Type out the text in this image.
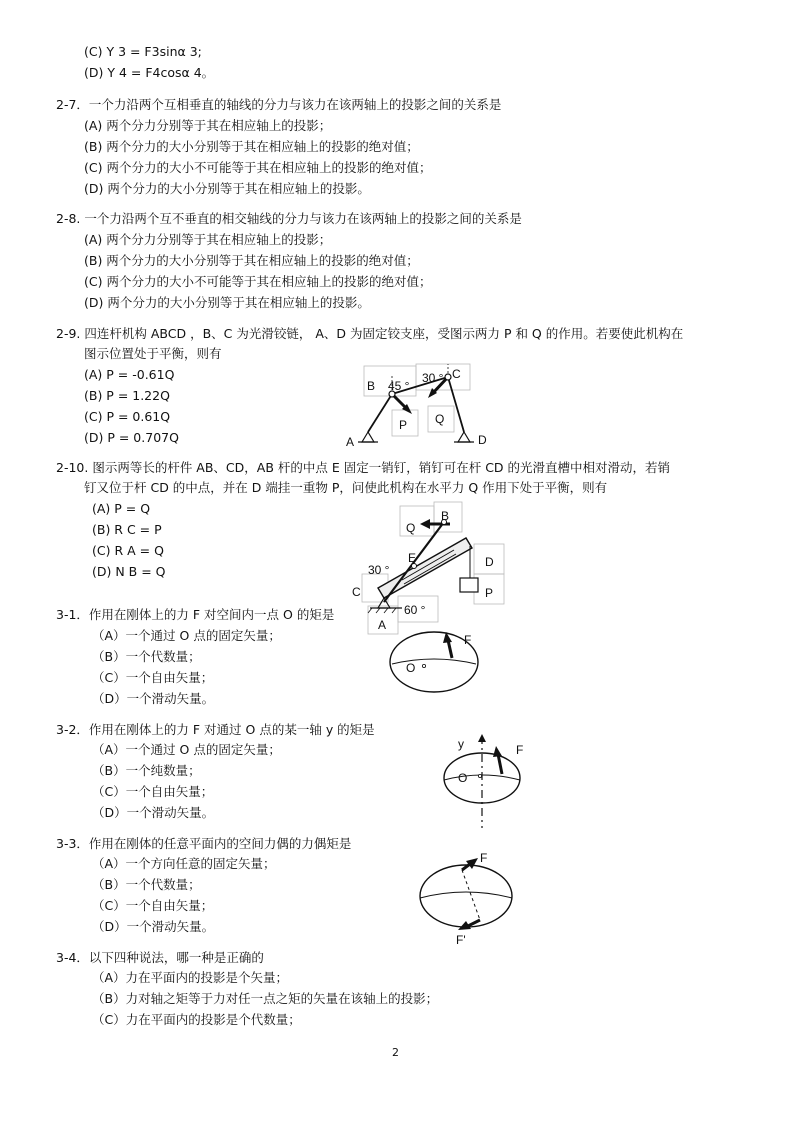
(C) Y 3 = F3sinα 3;
(D) Y 4 = F4cosα 4。
2-7．一个力沿两个互相垂直的轴线的分力与该力在该两轴上的投影之间的关系是
(A) 两个分力分别等于其在相应轴上的投影；
(B) 两个分力的大小分别等于其在相应轴上的投影的绝对值；
(C) 两个分力的大小不可能等于其在相应轴上的投影的绝对值；
(D) 两个分力的大小分别等于其在相应轴上的投影。
2-8. 一个力沿两个互不垂直的相交轴线的分力与该力在该两轴上的投影之间的关系是
(A) 两个分力分别等于其在相应轴上的投影；
(B) 两个分力的大小分别等于其在相应轴上的投影的绝对值；
(C) 两个分力的大小不可能等于其在相应轴上的投影的绝对值；
(D) 两个分力的大小分别等于其在相应轴上的投影。
2-9. 四连杆机构 ABCD ，B、C 为光滑铰链， A、D 为固定铰支座，受图示两力 P 和 Q 的作用。若要使此机构在
图示位置处于平衡，则有
(A) P = -0.61Q
(B) P = 1.22Q
(C) P = 0.61Q
(D) P = 0.707Q
B 45 °
30 ° C
P Q
A	D
2-10. 图示两等长的杆件 AB、CD，AB 杆的中点 E 固定一销钉，销钉可在杆 CD 的光滑直槽中相对滑动，若销
钉又位于杆 CD 的中点，并在 D 端挂一重物 P，问使此机构在水平力 Q 作用下处于平衡，则有
(A) P = Q
(B) R C = P
(C) R A = Q
(D) N B = Q
Q
B
E	D
30 °
C	P
60 °
A
3-1．作用在刚体上的力 F 对空间内一点 O 的矩是
（A）一个通过 O 点的固定矢量；
（B）一个代数量；
（C）一个自由矢量；
（D）一个滑动矢量。
F
O
3-2．作用在刚体上的力 F 对通过 O 点的某一轴 y 的矩是
（A）一个通过 O 点的固定矢量；
（B）一个纯数量；
（C）一个自由矢量；
（D）一个滑动矢量。
y	F
O
3-3．作用在刚体的任意平面内的空间力偶的力偶矩是
（A）一个方向任意的固定矢量；
（B）一个代数量；
（C）一个自由矢量；
（D）一个滑动矢量。
F
F'
3-4．以下四种说法，哪一种是正确的
（A）力在平面内的投影是个矢量；
（B）力对轴之矩等于力对任一点之矩的矢量在该轴上的投影；
（C）力在平面内的投影是个代数量；
2
